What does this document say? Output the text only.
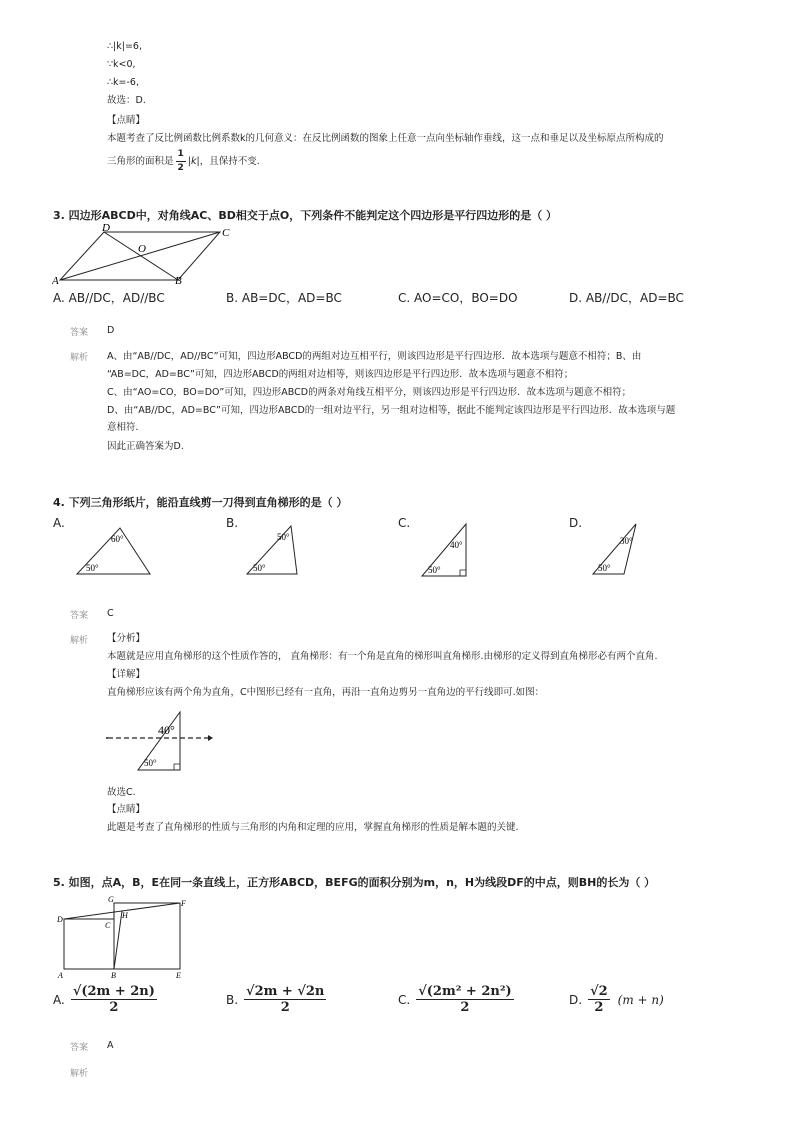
∴|k|=6,
∵k<0,
∴k=-6,
故选：D.
【点睛】
本题考查了反比例函数比例系数k的几何意义：在反比例函数的图象上任意一点向坐标轴作垂线，这一点和垂足以及坐标原点所构成的
三角形的面积是 $\frac{1}{2} |k|$ ，且保持不变.
3. 四边形ABCD中，对角线AC、BD相交于点O，下列条件不能判定这个四边形是平行四边形的是（ ）
A	B
C
D
O
A. AB//DC，AD//BC	B. AB=DC，AD=BC	C. AO=CO，BO=DO	D. AB//DC，AD=BC
答案 D
解析 A、由“AB//DC，AD//BC”可知，四边形ABCD的两组对边互相平行，则该四边形是平行四边形．故本选项与题意不相符；B、由
“AB=DC，AD=BC”可知，四边形ABCD的两组对边相等，则该四边形是平行四边形．故本选项与题意不相符；
C、由“AO=CO，BO=DO”可知，四边形ABCD的两条对角线互相平分，则该四边形是平行四边形．故本选项与题意不相符；
D、由“AB//DC，AD=BC”可知，四边形ABCD的一组对边平行，另一组对边相等，据此不能判定该四边形是平行四边形．故本选项与题
意相符．
因此正确答案为D.
4. 下列三角形纸片，能沿直线剪一刀得到直角梯形的是（ ）
A.	B.	C.	D.
60°
50°
50°
50°
40°
50°
30°
50°
答案 C
解析 【分析】
本题就是应用直角梯形的这个性质作答的， 直角梯形：有一个角是直角的梯形叫直角梯形.由梯形的定义得到直角梯形必有两个直角.
【详解】
直角梯形应该有两个角为直角，C中图形已经有一直角，再沿一直角边剪另一直角边的平行线即可.如图：
40°
50°
故选C.
【点睛】
此题是考查了直角梯形的性质与三角形的内角和定理的应用，掌握直角梯形的性质是解本题的关键.
5. 如图，点A，B，E在同一条直线上，正方形ABCD，BEFG的面积分别为m，n，H为线段DF的中点，则BH的长为（ ）
A	B
C
D
E
F
G
H
A. $\frac{√(2m + 2n)}{2}$	B. $\frac{√2m + √2n}{2}$	C. $\frac{\text{√(2m² + 2n²)}}{2}$	D. $\frac{√2}{2} (m + n)$
答案 A
解析
